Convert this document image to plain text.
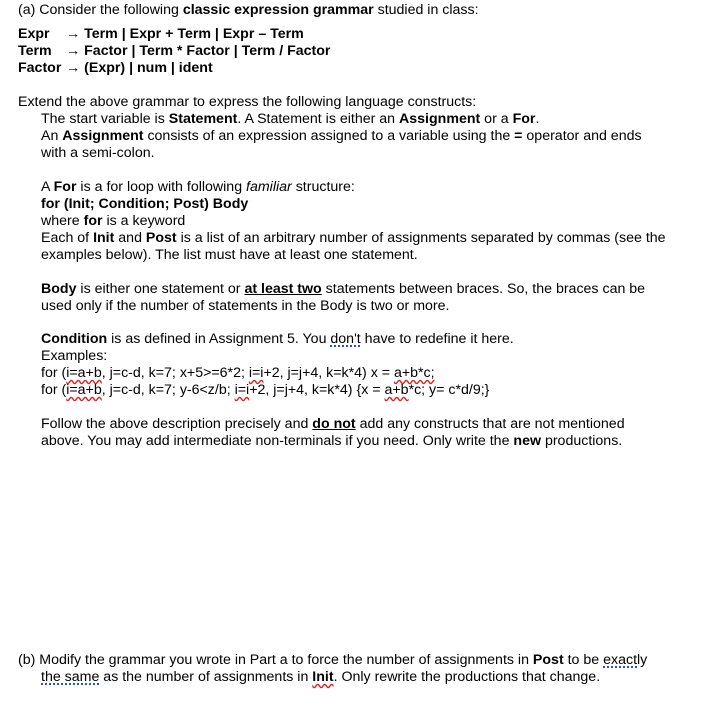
(a) Consider the following classic expression grammar studied in class:
Expr → Term | Expr + Term | Expr – Term
Term → Factor | Term * Factor | Term / Factor
Factor → (Expr) | num | ident
Extend the above grammar to express the following language constructs:
The start variable is Statement. A Statement is either an Assignment or a For.
An Assignment consists of an expression assigned to a variable using the = operator and ends
with a semi-colon.
A For is a for loop with following familiar structure:
for (Init; Condition; Post) Body
where for is a keyword
Each of Init and Post is a list of an arbitrary number of assignments separated by commas (see the
examples below). The list must have at least one statement.
Body is either one statement or at least two statements between braces. So, the braces can be
used only if the number of statements in the Body is two or more.
Condition is as defined in Assignment 5. You don't have to redefine it here.
Examples:
for (i=a+b, j=c-d, k=7; x+5>=6*2; i=i+2, j=j+4, k=k*4) x = a+b*c;
for (i=a+b, j=c-d, k=7; y-6<z/b; i=i+2, j=j+4, k=k*4) {x = a+b*c; y= c*d/9;}
Follow the above description precisely and do not add any constructs that are not mentioned
above. You may add intermediate non-terminals if you need. Only write the new productions.
(b) Modify the grammar you wrote in Part a to force the number of assignments in Post to be exactly
the same as the number of assignments in Init. Only rewrite the productions that change.
